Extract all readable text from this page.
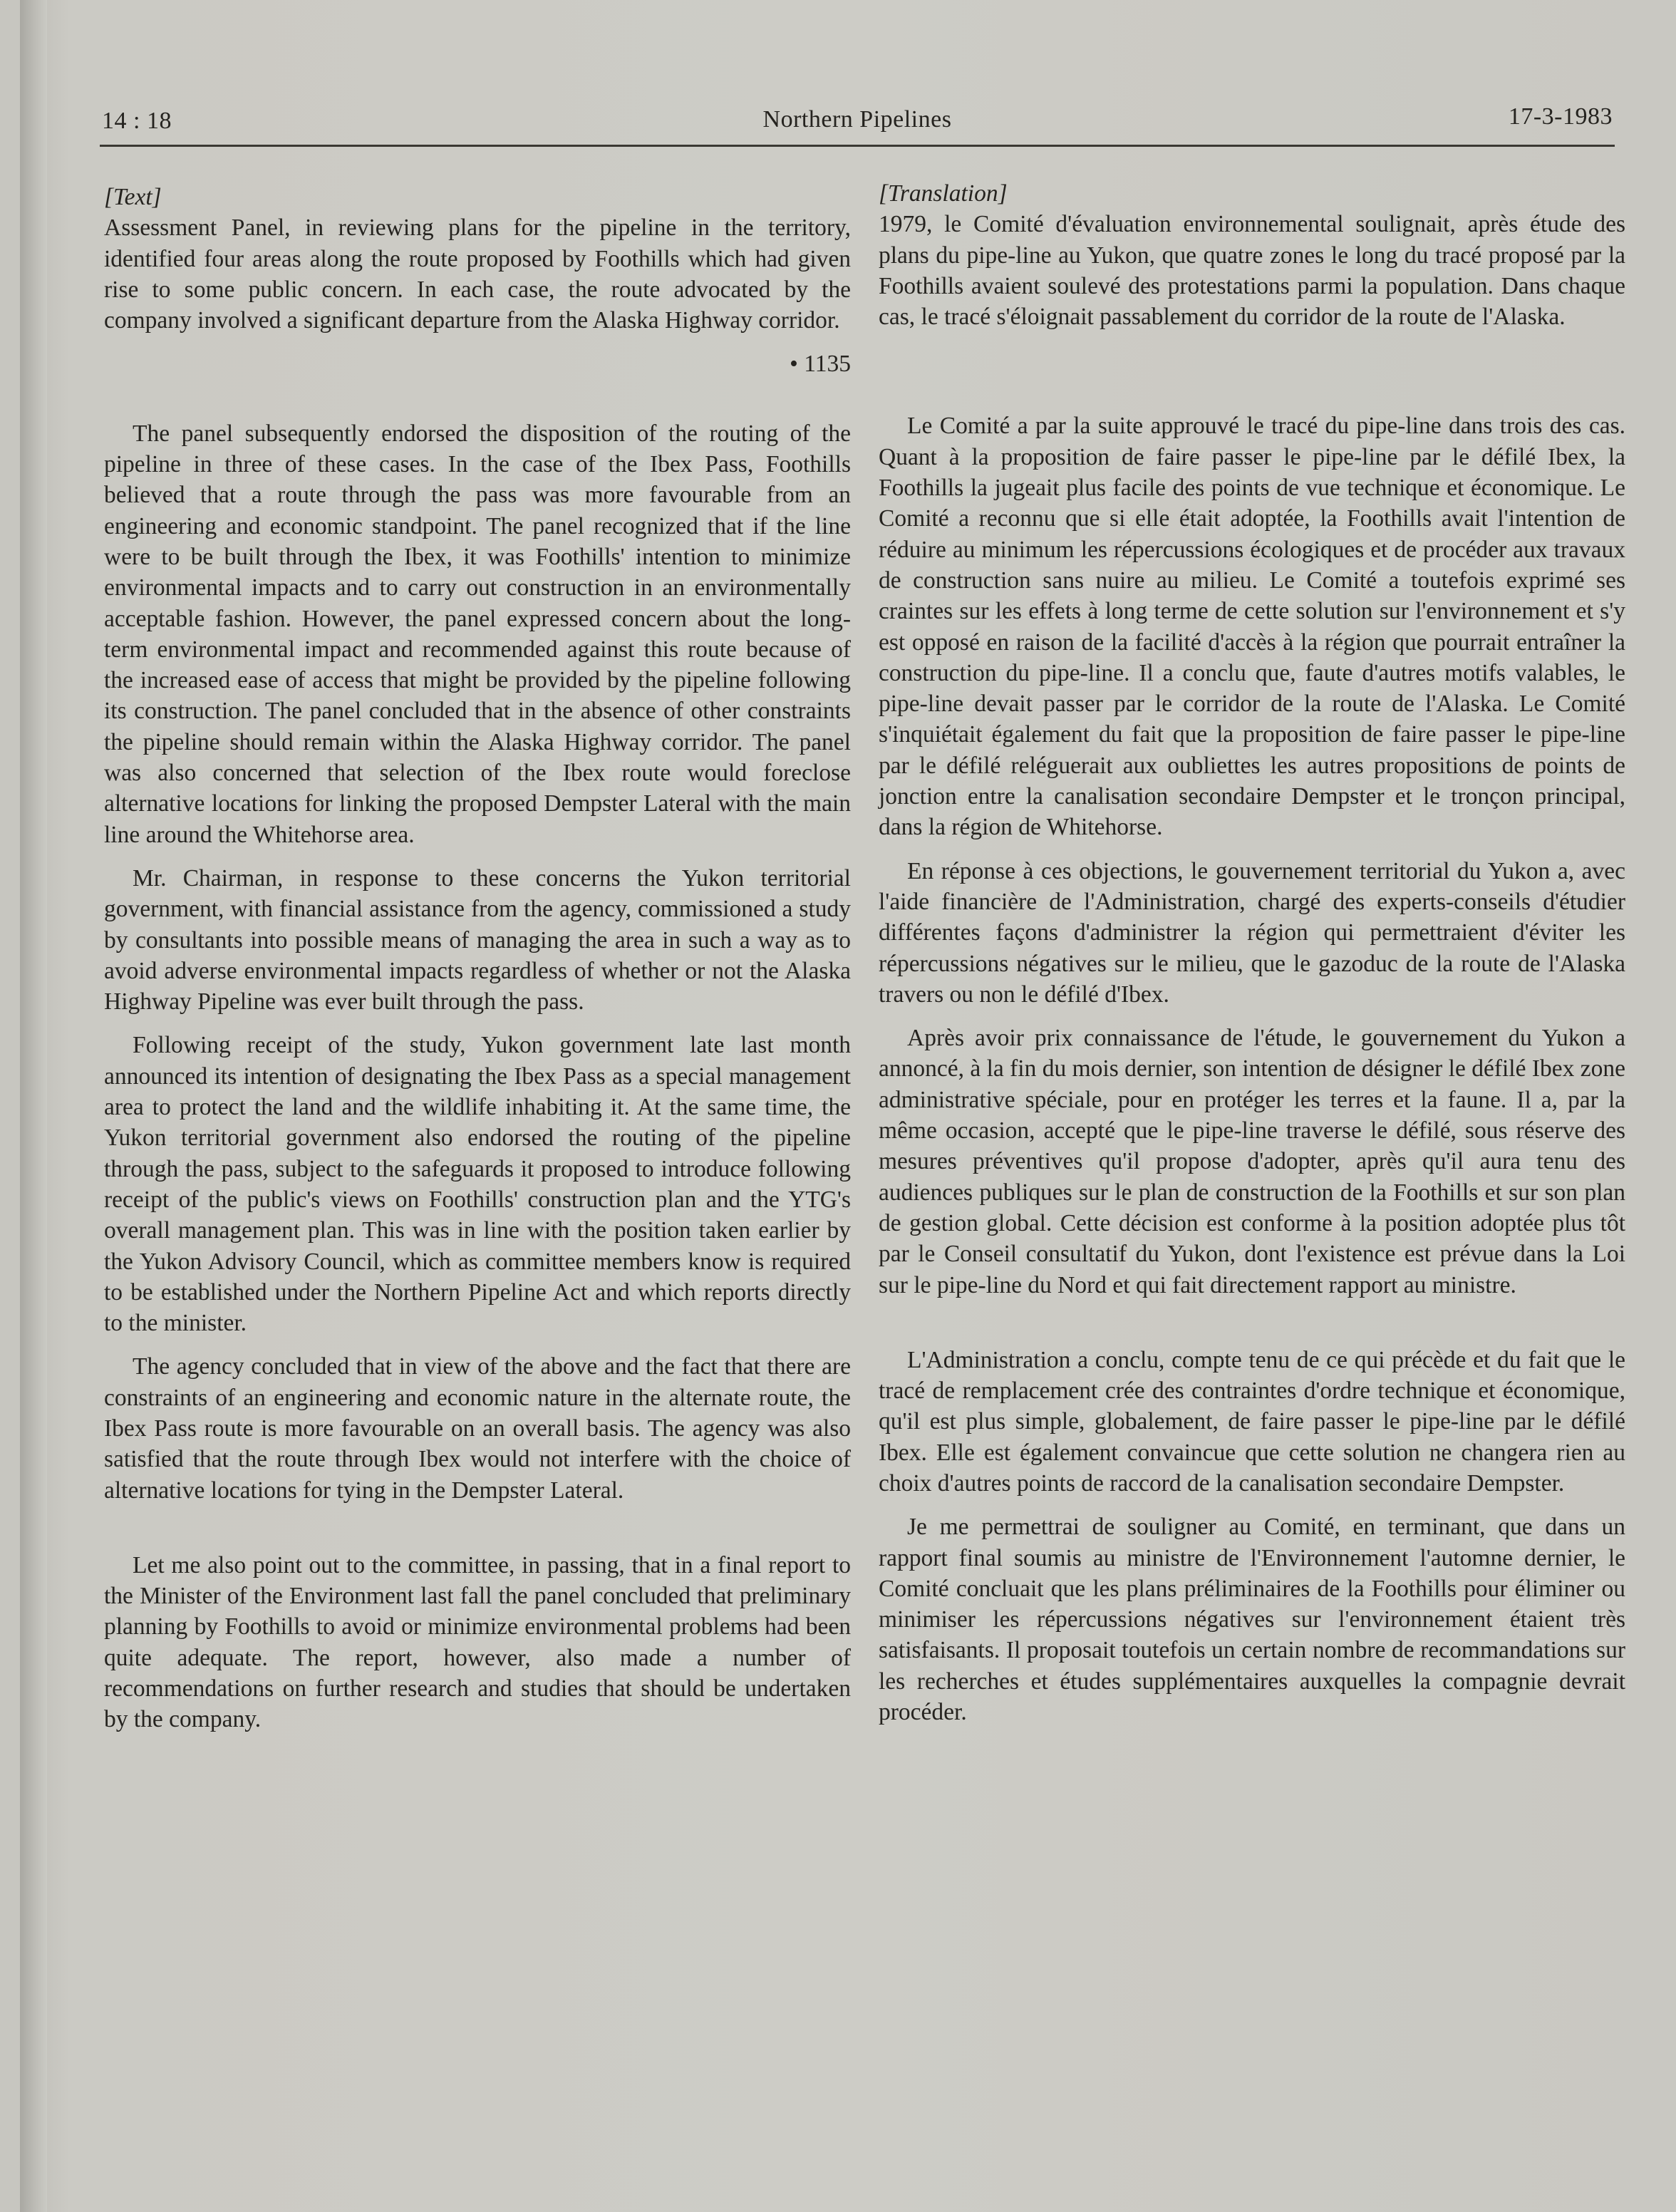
14 : 18	Northern Pipelines	17-3-1983
[Text]

Assessment Panel, in reviewing plans for the pipeline in the territory, identified four areas along the route proposed by Foothills which had given rise to some public concern. In each case, the route advocated by the company involved a significant departure from the Alaska Highway corridor.

• 1135

The panel subsequently endorsed the disposition of the routing of the pipeline in three of these cases. In the case of the Ibex Pass, Foothills believed that a route through the pass was more favourable from an engineering and economic standpoint. The panel recognized that if the line were to be built through the Ibex, it was Foothills' intention to minimize environmental impacts and to carry out construction in an environmentally acceptable fashion. However, the panel expressed concern about the long-term environmental impact and recommended against this route because of the increased ease of access that might be provided by the pipeline following its construction. The panel concluded that in the absence of other constraints the pipeline should remain within the Alaska Highway corridor. The panel was also concerned that selection of the Ibex route would foreclose alternative locations for linking the proposed Dempster Lateral with the main line around the Whitehorse area.

Mr. Chairman, in response to these concerns the Yukon territorial government, with financial assistance from the agency, commissioned a study by consultants into possible means of managing the area in such a way as to avoid adverse environmental impacts regardless of whether or not the Alaska Highway Pipeline was ever built through the pass.

Following receipt of the study, Yukon government late last month announced its intention of designating the Ibex Pass as a special management area to protect the land and the wildlife inhabiting it. At the same time, the Yukon territorial government also endorsed the routing of the pipeline through the pass, subject to the safeguards it proposed to introduce following receipt of the public's views on Foothills' construction plan and the YTG's overall management plan. This was in line with the position taken earlier by the Yukon Advisory Council, which as committee members know is required to be established under the Northern Pipeline Act and which reports directly to the minister.

The agency concluded that in view of the above and the fact that there are constraints of an engineering and economic nature in the alternate route, the Ibex Pass route is more favourable on an overall basis. The agency was also satisfied that the route through Ibex would not interfere with the choice of alternative locations for tying in the Dempster Lateral.

Let me also point out to the committee, in passing, that in a final report to the Minister of the Environment last fall the panel concluded that preliminary planning by Foothills to avoid or minimize environmental problems had been quite adequate. The report, however, also made a number of recommendations on further research and studies that should be undertaken by the company.

[Translation]

1979, le Comité d'évaluation environnemental soulignait, après étude des plans du pipe-line au Yukon, que quatre zones le long du tracé proposé par la Foothills avaient soulevé des protestations parmi la population. Dans chaque cas, le tracé s'éloignait passablement du corridor de la route de l'Alaska.

Le Comité a par la suite approuvé le tracé du pipe-line dans trois des cas. Quant à la proposition de faire passer le pipe-line par le défilé Ibex, la Foothills la jugeait plus facile des points de vue technique et économique. Le Comité a reconnu que si elle était adoptée, la Foothills avait l'intention de réduire au minimum les répercussions écologiques et de procéder aux travaux de construction sans nuire au milieu. Le Comité a toutefois exprimé ses craintes sur les effets à long terme de cette solution sur l'environnement et s'y est opposé en raison de la facilité d'accès à la région que pourrait entraîner la construction du pipe-line. Il a conclu que, faute d'autres motifs valables, le pipe-line devait passer par le corridor de la route de l'Alaska. Le Comité s'inquiétait également du fait que la proposition de faire passer le pipe-line par le défilé reléguerait aux oubliettes les autres propositions de points de jonction entre la canalisation secondaire Dempster et le tronçon principal, dans la région de Whitehorse.

En réponse à ces objections, le gouvernement territorial du Yukon a, avec l'aide financière de l'Administration, chargé des experts-conseils d'étudier différentes façons d'administrer la région qui permettraient d'éviter les répercussions négatives sur le milieu, que le gazoduc de la route de l'Alaska travers ou non le défilé d'Ibex.

Après avoir prix connaissance de l'étude, le gouvernement du Yukon a annoncé, à la fin du mois dernier, son intention de désigner le défilé Ibex zone administrative spéciale, pour en protéger les terres et la faune. Il a, par la même occasion, accepté que le pipe-line traverse le défilé, sous réserve des mesures préventives qu'il propose d'adopter, après qu'il aura tenu des audiences publiques sur le plan de construction de la Foothills et sur son plan de gestion global. Cette décision est conforme à la position adoptée plus tôt par le Conseil consultatif du Yukon, dont l'existence est prévue dans la Loi sur le pipe-line du Nord et qui fait directement rapport au ministre.

L'Administration a conclu, compte tenu de ce qui précède et du fait que le tracé de remplacement crée des contraintes d'ordre technique et économique, qu'il est plus simple, globalement, de faire passer le pipe-line par le défilé Ibex. Elle est également convaincue que cette solution ne changera rien au choix d'autres points de raccord de la canalisation secondaire Dempster.

Je me permettrai de souligner au Comité, en terminant, que dans un rapport final soumis au ministre de l'Environnement l'automne dernier, le Comité concluait que les plans préliminaires de la Foothills pour éliminer ou minimiser les répercussions négatives sur l'environnement étaient très satisfaisants. Il proposait toutefois un certain nombre de recommandations sur les recherches et études supplémentaires auxquelles la compagnie devrait procéder.
